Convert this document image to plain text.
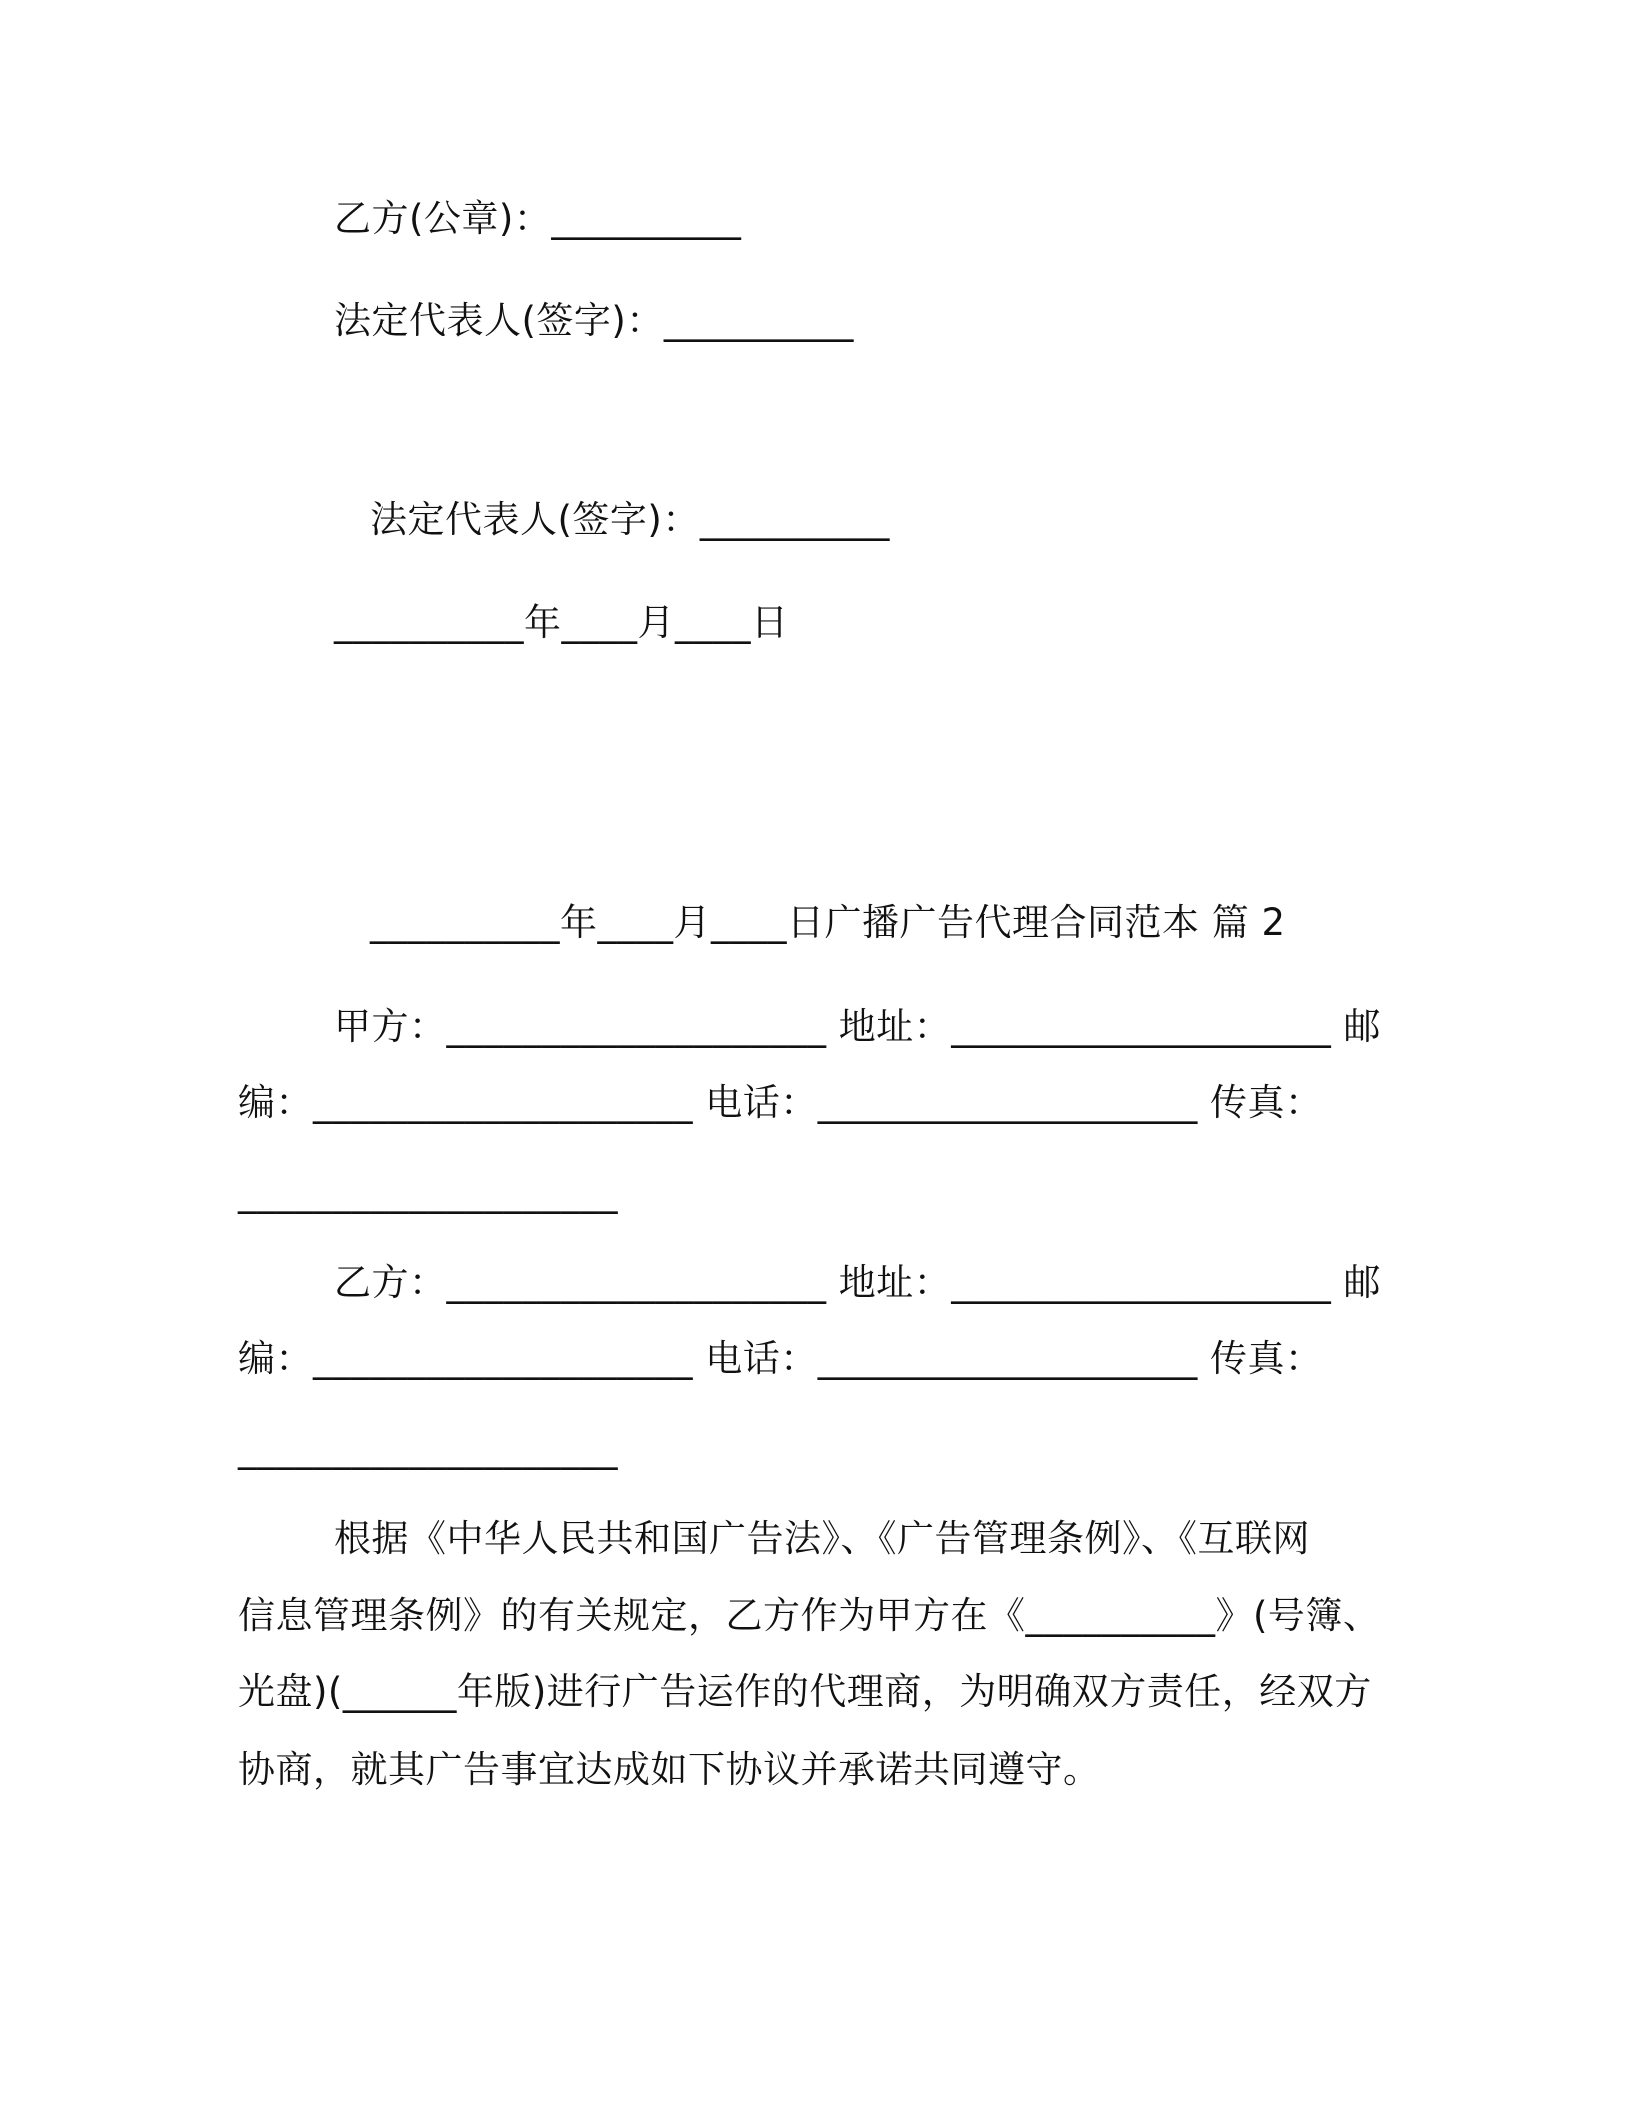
乙方(公章)：__________
法定代表人(签字)：__________
法定代表人(签字)：__________
__________年____月____日
__________年____月____日广播广告代理合同范本 篇 2
甲方：____________________ 地址：____________________ 邮
编：____________________ 电话：____________________ 传真：
____________________
乙方：____________________ 地址：____________________ 邮
编：____________________ 电话：____________________ 传真：
____________________
根据《中华人民共和国广告法》、《广告管理条例》、《互联网
信息管理条例》的有关规定，乙方作为甲方在《__________》(号簿、
光盘)(______年版)进行广告运作的代理商，为明确双方责任，经双方
协商，就其广告事宜达成如下协议并承诺共同遵守。
